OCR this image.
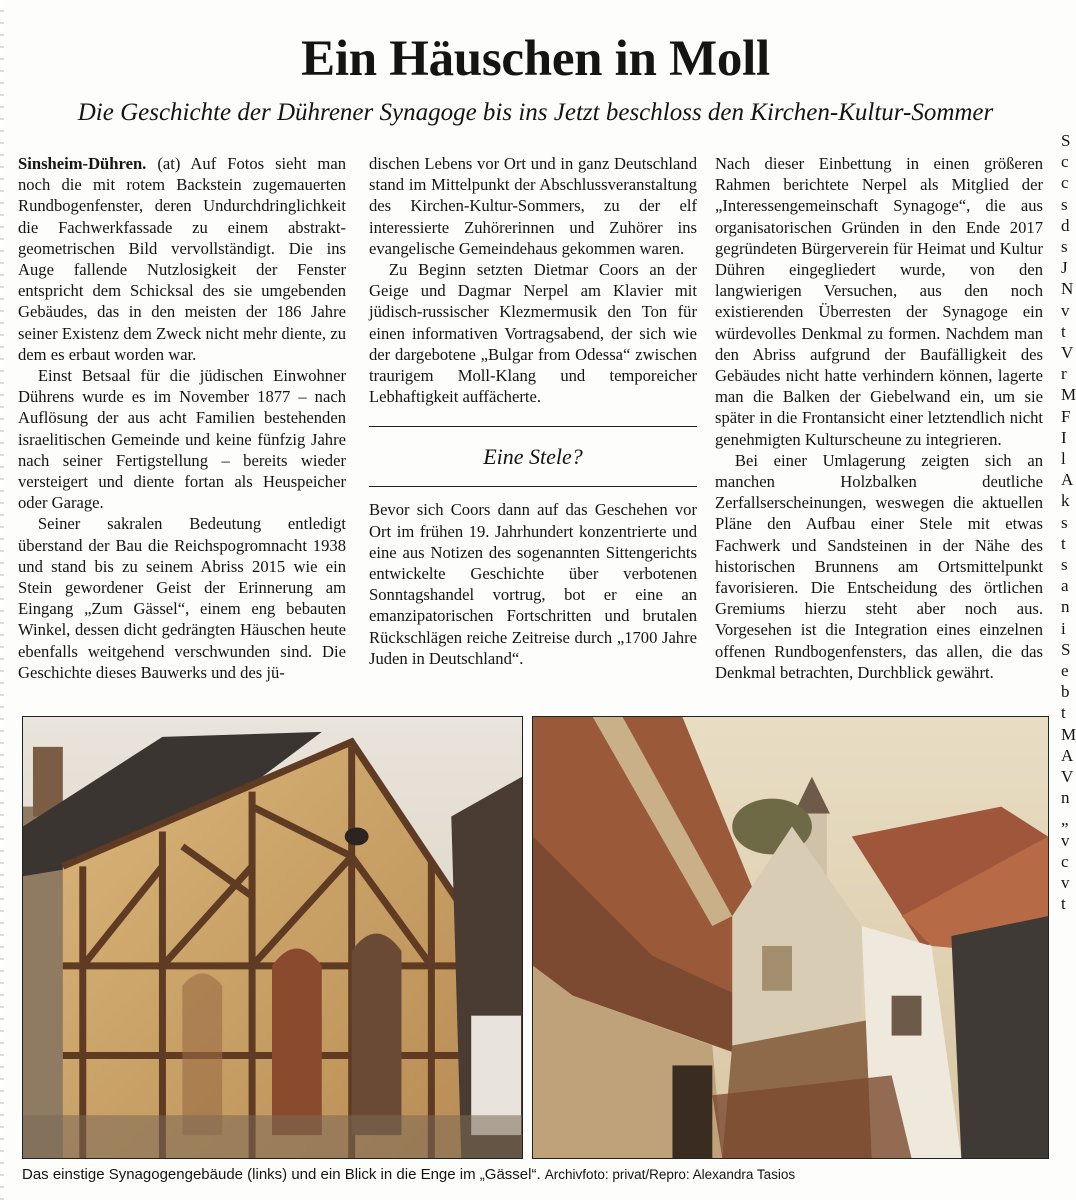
Ein Häuschen in Moll
Die Geschichte der Dührener Synagoge bis ins Jetzt beschloss den Kirchen-Kultur-Sommer

Sinsheim-Dühren. (at) Auf Fotos sieht man noch die mit rotem Backstein zugemauerten Rundbogenfenster, deren Undurchdringlichkeit die Fachwerkfassade zu einem abstrakt-geometrischen Bild vervollständigt. Die ins Auge fallende Nutzlosigkeit der Fenster entspricht dem Schicksal des sie umgebenden Gebäudes, das in den meisten der 186 Jahre seiner Existenz dem Zweck nicht mehr diente, zu dem es erbaut worden war.

Einst Betsaal für die jüdischen Einwohner Dührens wurde es im November 1877 – nach Auflösung der aus acht Familien bestehenden israelitischen Gemeinde und keine fünfzig Jahre nach seiner Fertigstellung – bereits wieder versteigert und diente fortan als Heuspeicher oder Garage.

Seiner sakralen Bedeutung entledigt überstand der Bau die Reichspogromnacht 1938 und stand bis zu seinem Abriss 2015 wie ein Stein gewordener Geist der Erinnerung am Eingang „Zum Gässel“, einem eng bebauten Winkel, dessen dicht gedrängten Häuschen heute ebenfalls weitgehend verschwunden sind. Die Geschichte dieses Bauwerks und des jü-

dischen Lebens vor Ort und in ganz Deutschland stand im Mittelpunkt der Abschlussveranstaltung des Kirchen-Kultur-Sommers, zu der elf interessierte Zuhörerinnen und Zuhörer ins evangelische Gemeindehaus gekommen waren.

Zu Beginn setzten Dietmar Coors an der Geige und Dagmar Nerpel am Klavier mit jüdisch-russischer Klezmermusik den Ton für einen informativen Vortragsabend, der sich wie der dargebotene „Bulgar from Odessa“ zwischen traurigem Moll-Klang und temporeicher Lebhaftigkeit auffächerte.

Eine Stele?

Bevor sich Coors dann auf das Geschehen vor Ort im frühen 19. Jahrhundert konzentrierte und eine aus Notizen des sogenannten Sittengerichts entwickelte Geschichte über verbotenen Sonntagshandel vortrug, bot er eine an emanzipatorischen Fortschritten und brutalen Rückschlägen reiche Zeitreise durch „1700 Jahre Juden in Deutschland“.

Nach dieser Einbettung in einen größeren Rahmen berichtete Nerpel als Mitglied der „Interessengemeinschaft Synagoge“, die aus organisatorischen Gründen in den Ende 2017 gegründeten Bürgerverein für Heimat und Kultur Dühren eingegliedert wurde, von den langwierigen Versuchen, aus den noch existierenden Überresten der Synagoge ein würdevolles Denkmal zu formen. Nachdem man den Abriss aufgrund der Baufälligkeit des Gebäudes nicht hatte verhindern können, lagerte man die Balken der Giebelwand ein, um sie später in die Frontansicht einer letztendlich nicht genehmigten Kulturscheune zu integrieren.

Bei einer Umlagerung zeigten sich an manchen Holzbalken deutliche Zerfallserscheinungen, weswegen die aktuellen Pläne den Aufbau einer Stele mit etwas Fachwerk und Sandsteinen in der Nähe des historischen Brunnens am Ortsmittelpunkt favorisieren. Die Entscheidung des örtlichen Gremiums hierzu steht aber noch aus. Vorgesehen ist die Integration eines einzelnen offenen Rundbogenfensters, das allen, die das Denkmal betrachten, Durchblick gewährt.

S
c
c
s
d
s
J
N
v
t
V
r
M
F
I
l
A
k
s
t
s
a
n
i
S
e
b
t
M
A
V
n
„
v
c
v
t

Das einstige Synagogengebäude (links) und ein Blick in die Enge im „Gässel“. Archivfoto: privat/Repro: Alexandra Tasios
